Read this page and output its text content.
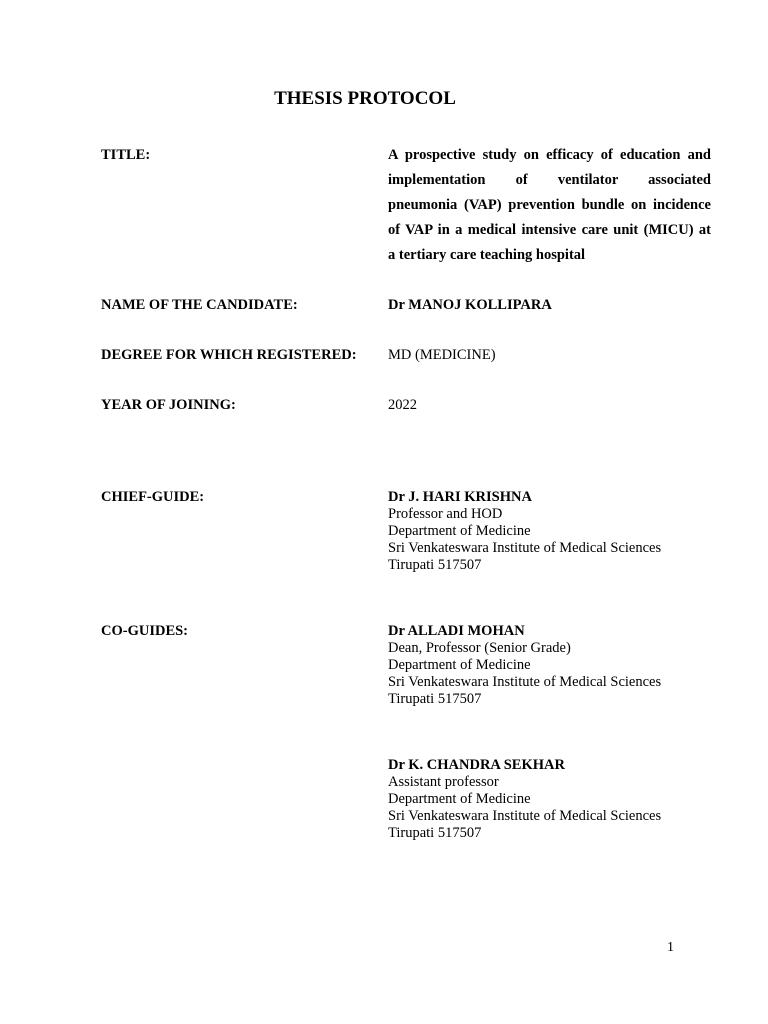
THESIS PROTOCOL
TITLE:	A prospective study on efficacy of education and
implementation of ventilator associated
pneumonia (VAP) prevention bundle on incidence
of VAP in a medical intensive care unit (MICU) at
a tertiary care teaching hospital
NAME OF THE CANDIDATE:	Dr MANOJ KOLLIPARA
DEGREE FOR WHICH REGISTERED: MD (MEDICINE)
YEAR OF JOINING:	2022
CHIEF-GUIDE:	Dr J. HARI KRISHNA
Professor and HOD
Department of Medicine
Sri Venkateswara Institute of Medical Sciences
Tirupati 517507
CO-GUIDES:	Dr ALLADI MOHAN
Dean, Professor (Senior Grade)
Department of Medicine
Sri Venkateswara Institute of Medical Sciences
Tirupati 517507
Dr K. CHANDRA SEKHAR
Assistant professor
Department of Medicine
Sri Venkateswara Institute of Medical Sciences
Tirupati 517507
1
